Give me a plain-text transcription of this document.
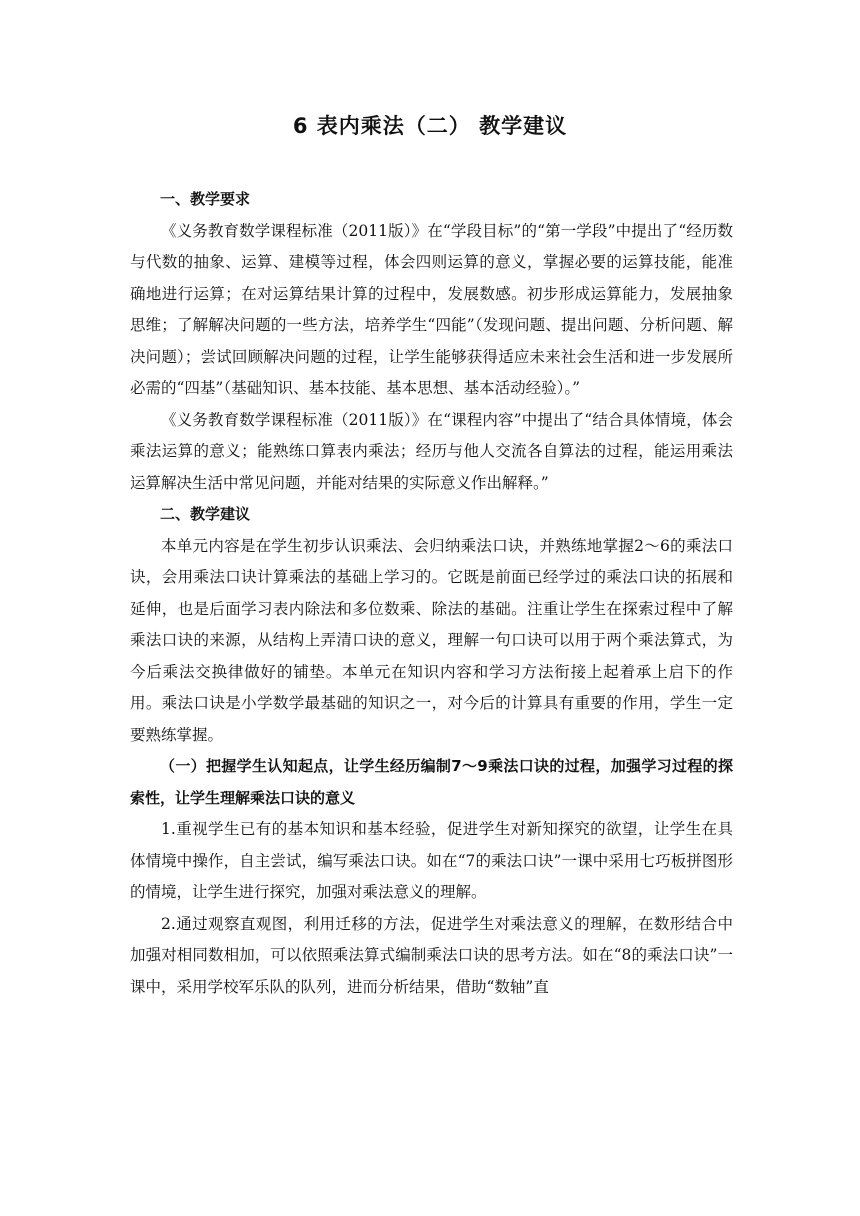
6 表内乘法（二） 教学建议

一、教学要求

《义务教育数学课程标准（2011版）》在“学段目标”的“第一学段”中提出了“经历数与代数的抽象、运算、建模等过程，体会四则运算的意义，掌握必要的运算技能，能准确地进行运算；在对运算结果计算的过程中，发展数感。初步形成运算能力，发展抽象思维；了解解决问题的一些方法，培养学生“四能”（发现问题、提出问题、分析问题、解决问题）；尝试回顾解决问题的过程，让学生能够获得适应未来社会生活和进一步发展所必需的“四基”（基础知识、基本技能、基本思想、基本活动经验）。”

《义务教育数学课程标准（2011版）》在“课程内容”中提出了“结合具体情境，体会乘法运算的意义；能熟练口算表内乘法；经历与他人交流各自算法的过程，能运用乘法运算解决生活中常见问题，并能对结果的实际意义作出解释。”

二、教学建议

本单元内容是在学生初步认识乘法、会归纳乘法口诀，并熟练地掌握2～6的乘法口诀，会用乘法口诀计算乘法的基础上学习的。它既是前面已经学过的乘法口诀的拓展和延伸，也是后面学习表内除法和多位数乘、除法的基础。注重让学生在探索过程中了解乘法口诀的来源，从结构上弄清口诀的意义，理解一句口诀可以用于两个乘法算式，为今后乘法交换律做好的铺垫。本单元在知识内容和学习方法衔接上起着承上启下的作用。乘法口诀是小学数学最基础的知识之一，对今后的计算具有重要的作用，学生一定要熟练掌握。

（一）把握学生认知起点，让学生经历编制7～9乘法口诀的过程，加强学习过程的探索性，让学生理解乘法口诀的意义

1.重视学生已有的基本知识和基本经验，促进学生对新知探究的欲望，让学生在具体情境中操作，自主尝试，编写乘法口诀。如在“7的乘法口诀”一课中采用七巧板拼图形的情境，让学生进行探究，加强对乘法意义的理解。

2.通过观察直观图，利用迁移的方法，促进学生对乘法意义的理解，在数形结合中加强对相同数相加，可以依照乘法算式编制乘法口诀的思考方法。如在“8的乘法口诀”一课中，采用学校军乐队的队列，进而分析结果，借助“数轴”直
